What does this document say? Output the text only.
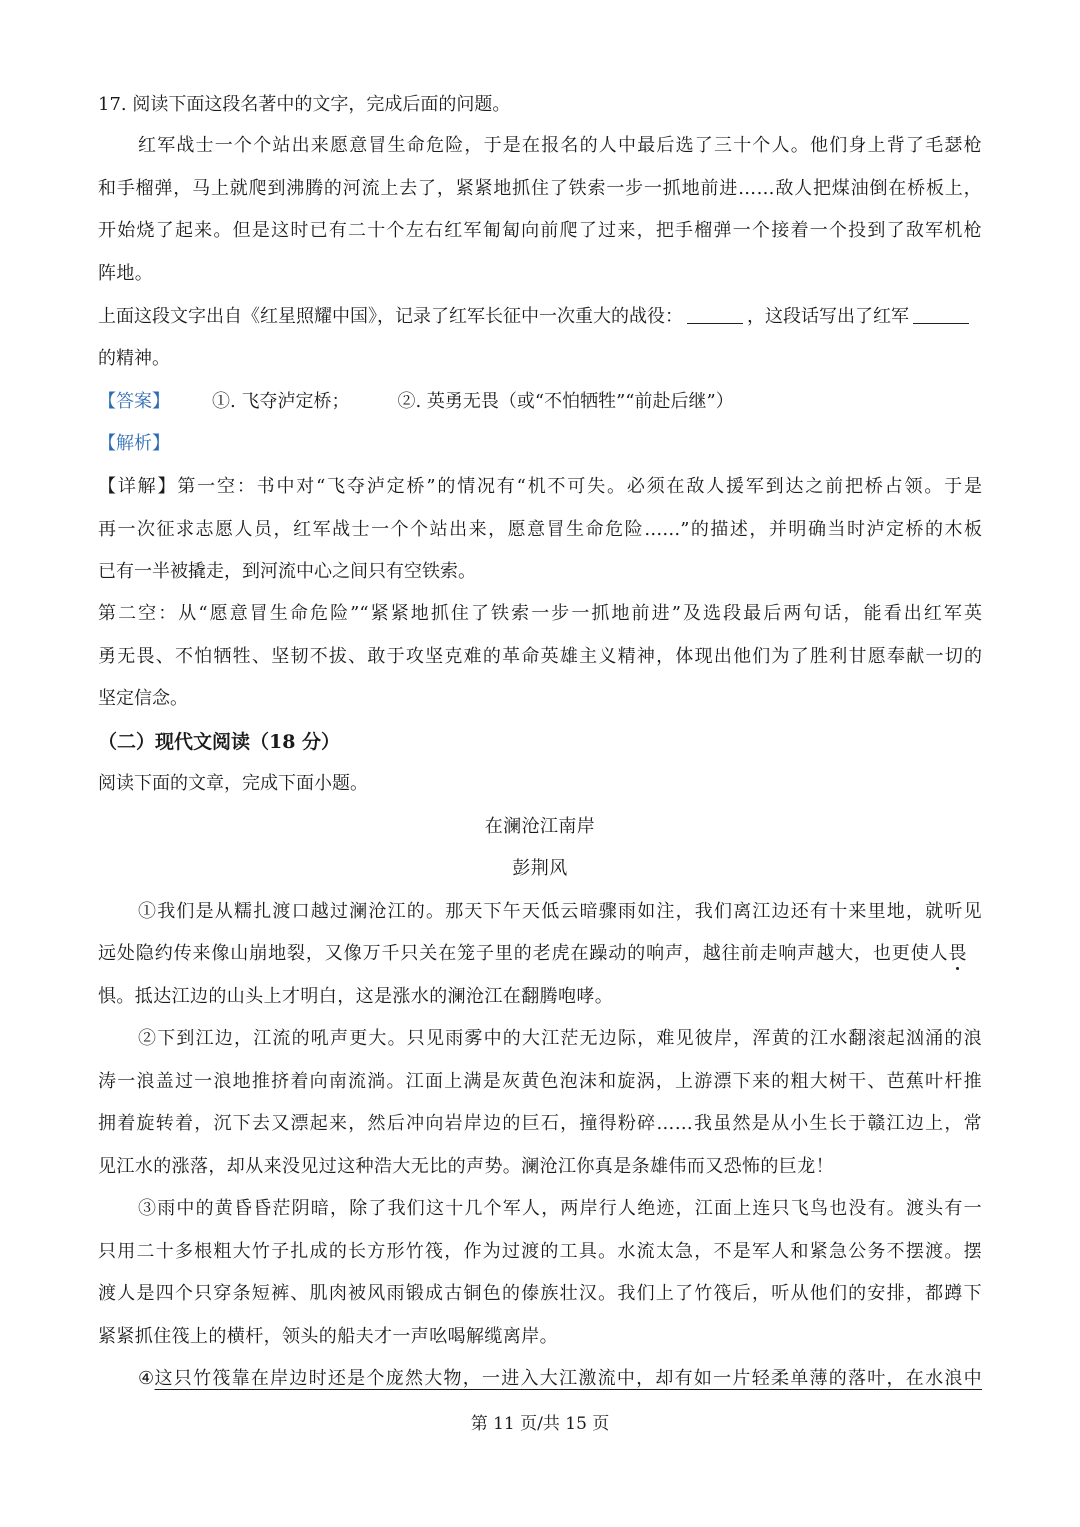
17. 阅读下面这段名著中的文字，完成后面的问题。
红军战士一个个站出来愿意冒生命危险，于是在报名的人中最后选了三十个人。他们身上背了毛瑟枪
和手榴弹，马上就爬到沸腾的河流上去了，紧紧地抓住了铁索一步一抓地前进……敌人把煤油倒在桥板上，
开始烧了起来。但是这时已有二十个左右红军匍匐向前爬了过来，把手榴弹一个接着一个投到了敌军机枪
阵地。
上面这段文字出自《红星照耀中国》，记录了红军长征中一次重大的战役：	，这段话写出了红军
的精神。
【答案】 ①. 飞夺泸定桥；	②. 英勇无畏（或“不怕牺牲”“前赴后继”）
【解析】
【详解】第一空：书中对“飞夺泸定桥”的情况有“机不可失。必须在敌人援军到达之前把桥占领。于是
再一次征求志愿人员，红军战士一个个站出来，愿意冒生命危险……”的描述，并明确当时泸定桥的木板
已有一半被撬走，到河流中心之间只有空铁索。
第二空：从“愿意冒生命危险”“紧紧地抓住了铁索一步一抓地前进”及选段最后两句话，能看出红军英
勇无畏、不怕牺牲、坚韧不拔、敢于攻坚克难的革命英雄主义精神，体现出他们为了胜利甘愿奉献一切的
坚定信念。
（二）现代文阅读（18 分）
阅读下面的文章，完成下面小题。
在澜沧江南岸
彭荆风
①我们是从糯扎渡口越过澜沧江的。那天下午天低云暗骤雨如注，我们离江边还有十来里地，就听见
远处隐约传来像山崩地裂，又像万千只关在笼子里的老虎在躁动的响声，越往前走响声越大，也更使人畏
惧。抵达江边的山头上才明白，这是涨水的澜沧江在翻腾咆哮。
②下到江边，江流的吼声更大。只见雨雾中的大江茫无边际，难见彼岸，浑黄的江水翻滚起汹涌的浪
涛一浪盖过一浪地推挤着向南流淌。江面上满是灰黄色泡沫和旋涡，上游漂下来的粗大树干、芭蕉叶杆推
拥着旋转着，沉下去又漂起来，然后冲向岩岸边的巨石，撞得粉碎……我虽然是从小生长于赣江边上，常
见江水的涨落，却从来没见过这种浩大无比的声势。澜沧江你真是条雄伟而又恐怖的巨龙！
③雨中的黄昏昏茫阴暗，除了我们这十几个军人，两岸行人绝迹，江面上连只飞鸟也没有。渡头有一
只用二十多根粗大竹子扎成的长方形竹筏，作为过渡的工具。水流太急，不是军人和紧急公务不摆渡。摆
渡人是四个只穿条短裤、肌肉被风雨锻成古铜色的傣族壮汉。我们上了竹筏后，听从他们的安排，都蹲下
紧紧抓住筏上的横杆，领头的船夫才一声吆喝解缆离岸。
④ 这只竹筏靠在岸边时还是个庞然大物，一进入大江激流中，却有如一片轻柔单薄的落叶，在水浪中
第 11 页/共 15 页
